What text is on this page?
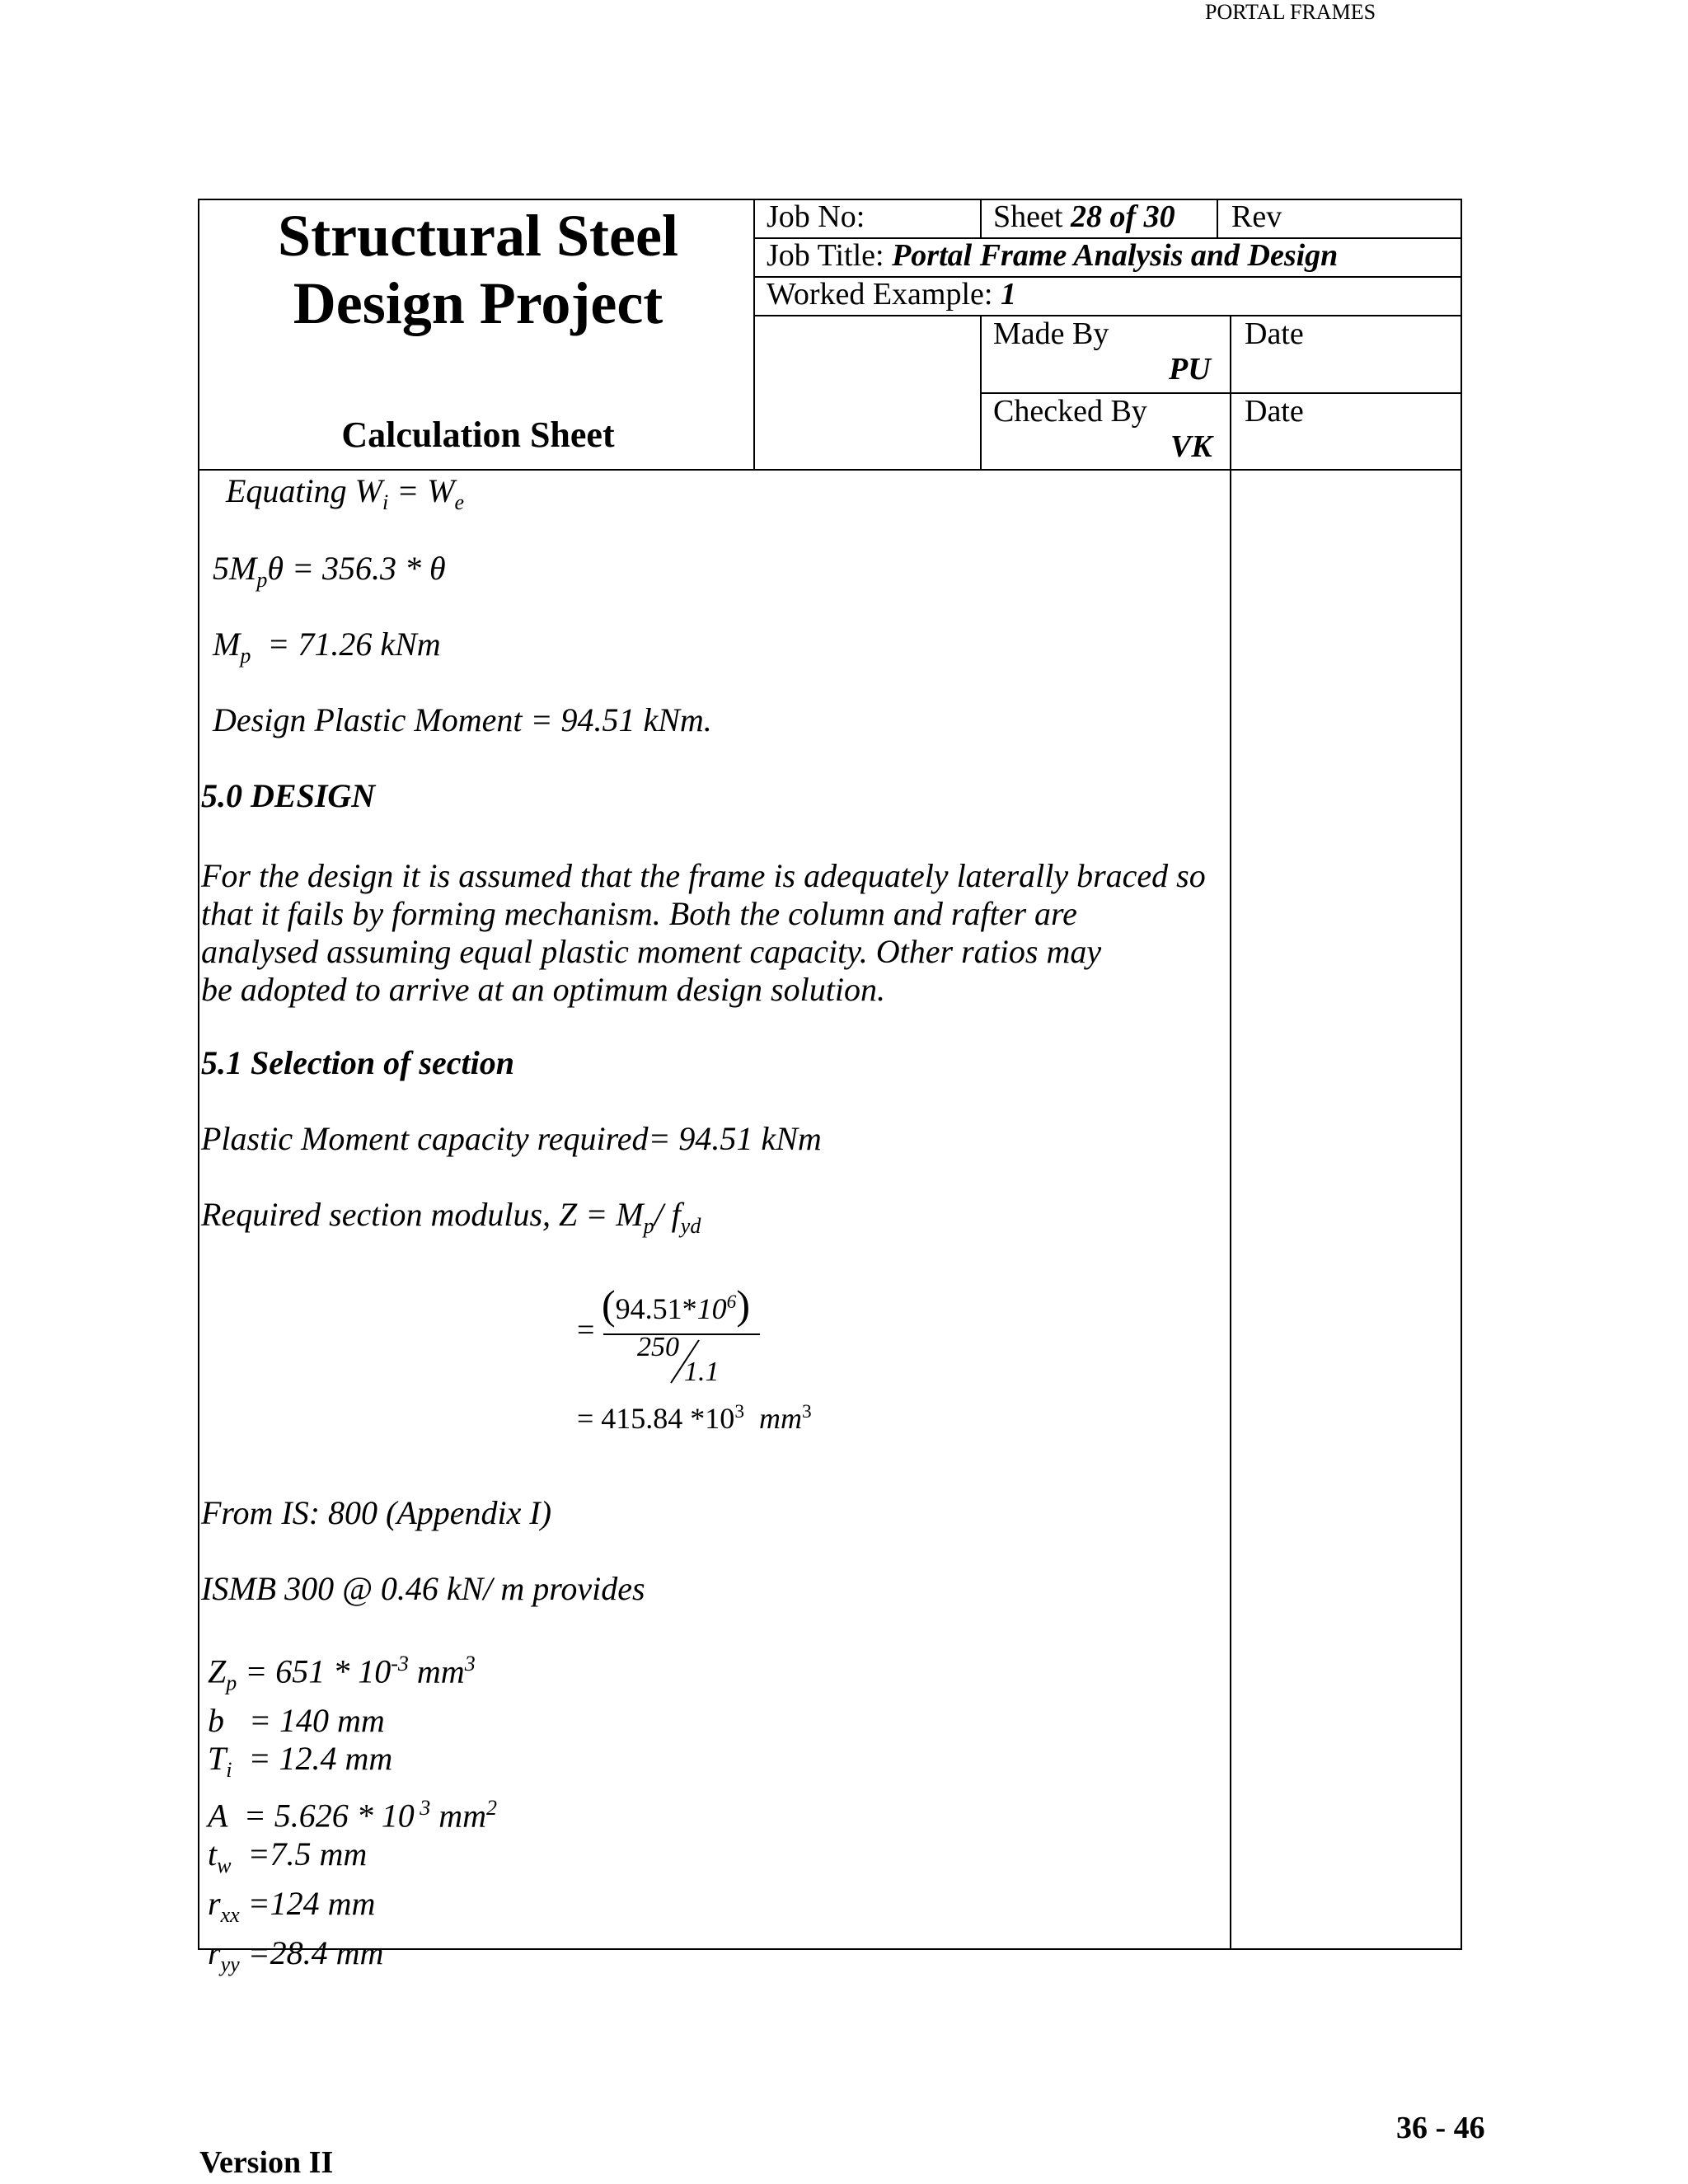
PORTAL FRAMES
Structural Steel
Design Project
Calculation Sheet
Job No:	Sheet 28 of 30 Rev
Job Title: Portal Frame Analysis and Design
Worked Example: 1
Made By
PU
Date
Checked By
VK
Date
Equating $W_i = W_e$
$5M_p\theta = 356.3 * \theta$
$M_p = 71.26$ kNm
Design Plastic Moment = 94.51 kNm.
5.0 DESIGN
For the design it is assumed that the frame is adequately laterally braced so
that it fails by forming mechanism. Both the column and rafter are
analysed assuming equal plastic moment capacity. Other ratios may
be adopted to arrive at an optimum design solution.
5.1 Selection of section
Plastic Moment capacity required= 94.51 kNm
Required section modulus, $Z = M_p/$ $f_{yd}$
=
$(94.51*10^6)$
250
1.1
= 415.84 $*10^3$ $mm^3$
From IS: 800 (Appendix I)
ISMB 300 @ 0.46 kN/ m provides
$Z_p = 651 * 10^{-3}$ $mm^3$
b   = 140 mm
$T_i = 12.4$ mm
A  = 5.626 * 10 $^3$ $mm^2$
$t_w =7.5$ mm
$r_{xx} =124$ mm
$r_{yy} =28.4$ mm
36 - 46
Version II
